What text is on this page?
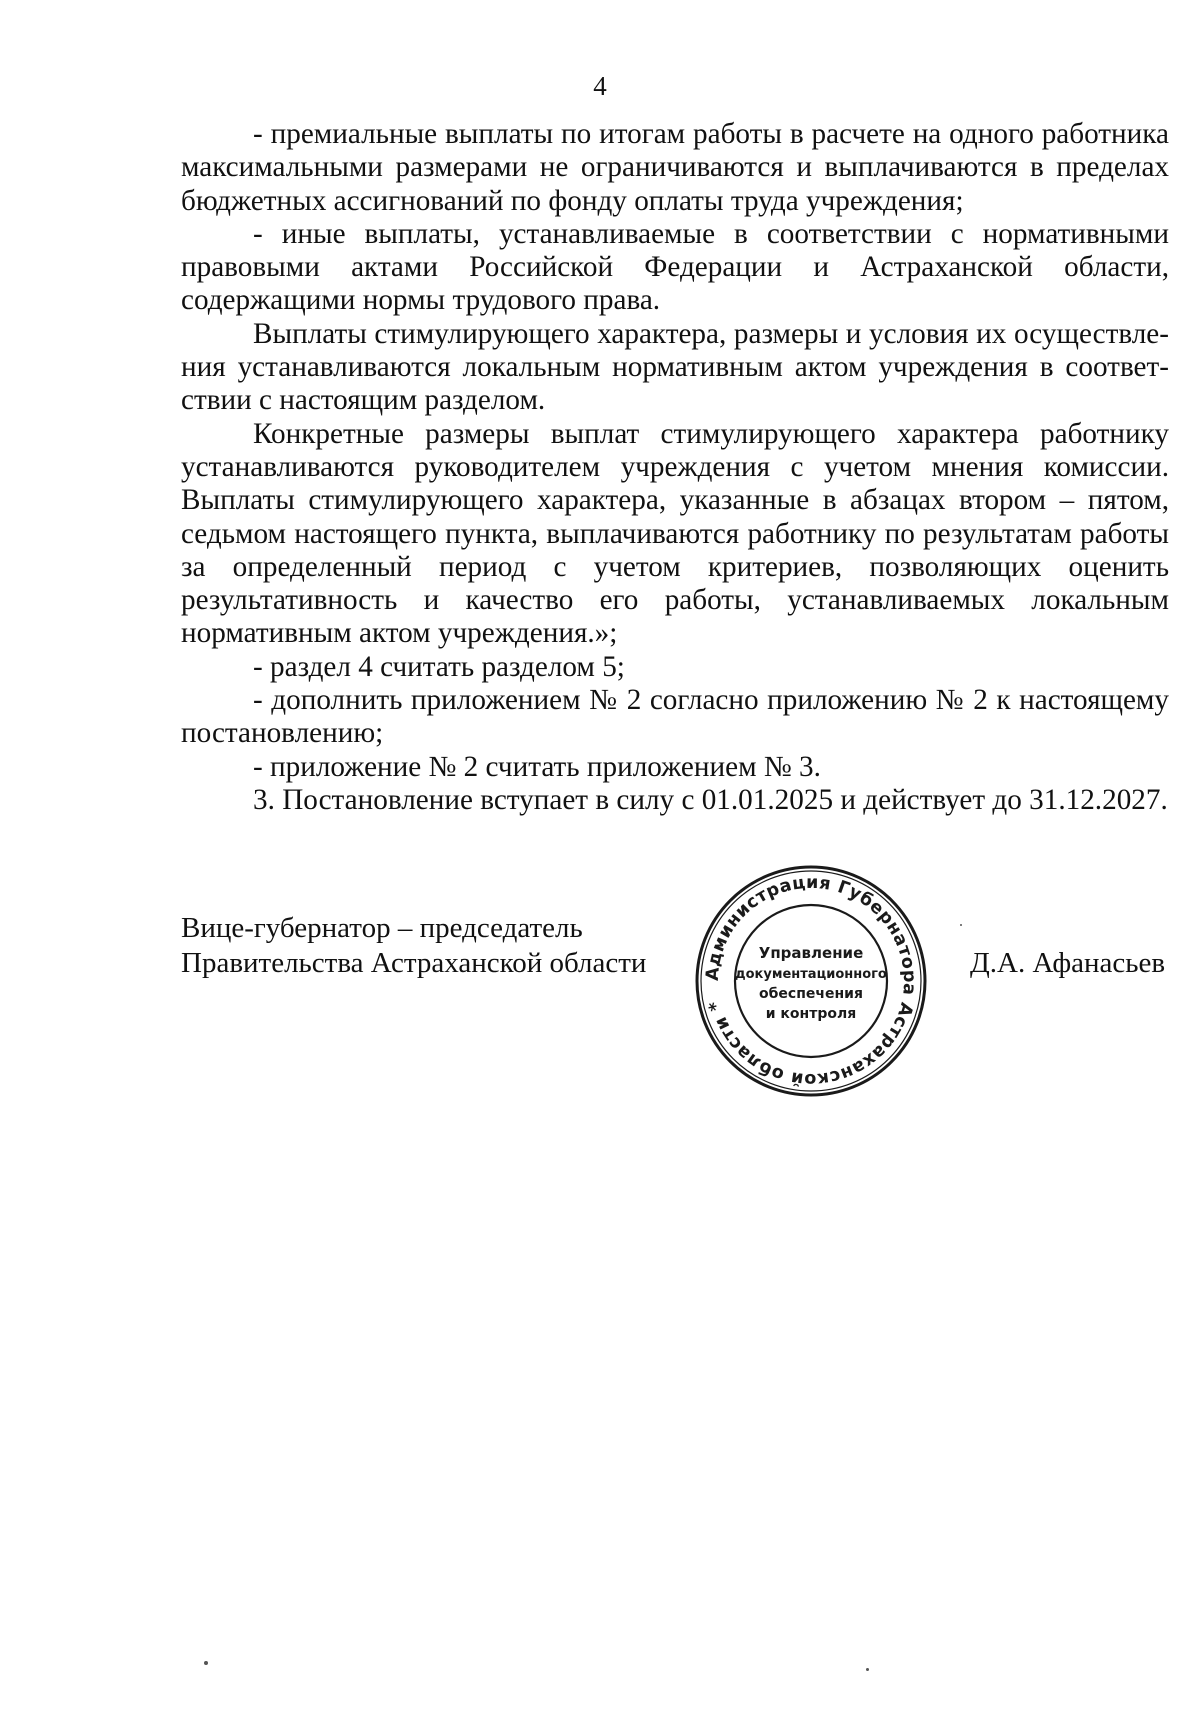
4

- премиальные выплаты по итогам работы в расчете на одного работника максимальными размерами не ограничиваются и выплачиваются в пределах бюджетных ассигнований по фонду оплаты труда учреждения;

- иные выплаты, устанавливаемые в соответствии с нормативными правовыми актами Российской Федерации и Астраханской области, содержащими нормы трудового права.

Выплаты стимулирующего характера, размеры и условия их осуществления устанавливаются локальным нормативным актом учреждения в соответствии с настоящим разделом.

Конкретные размеры выплат стимулирующего характера работнику устанавливаются руководителем учреждения с учетом мнения комиссии. Выплаты стимулирующего характера, указанные в абзацах втором – пятом, седьмом настоящего пункта, выплачиваются работнику по результатам работы за определенный период с учетом критериев, позволяющих оценить результативность и качество его работы, устанавливаемых локальным нормативным актом учреждения.»;

- раздел 4 считать разделом 5;

- дополнить приложением № 2 согласно приложению № 2 к настоящему постановлению;

- приложение № 2 считать приложением № 3.

3. Постановление вступает в силу с 01.01.2025 и действует до 31.12.2027.

Вице-губернатор – председатель
Правительства Астраханской области	Администрация Губернатора Астраханской области *
Управление
документационного
обеспечения
и контроля
Д.А. Афанасьев
